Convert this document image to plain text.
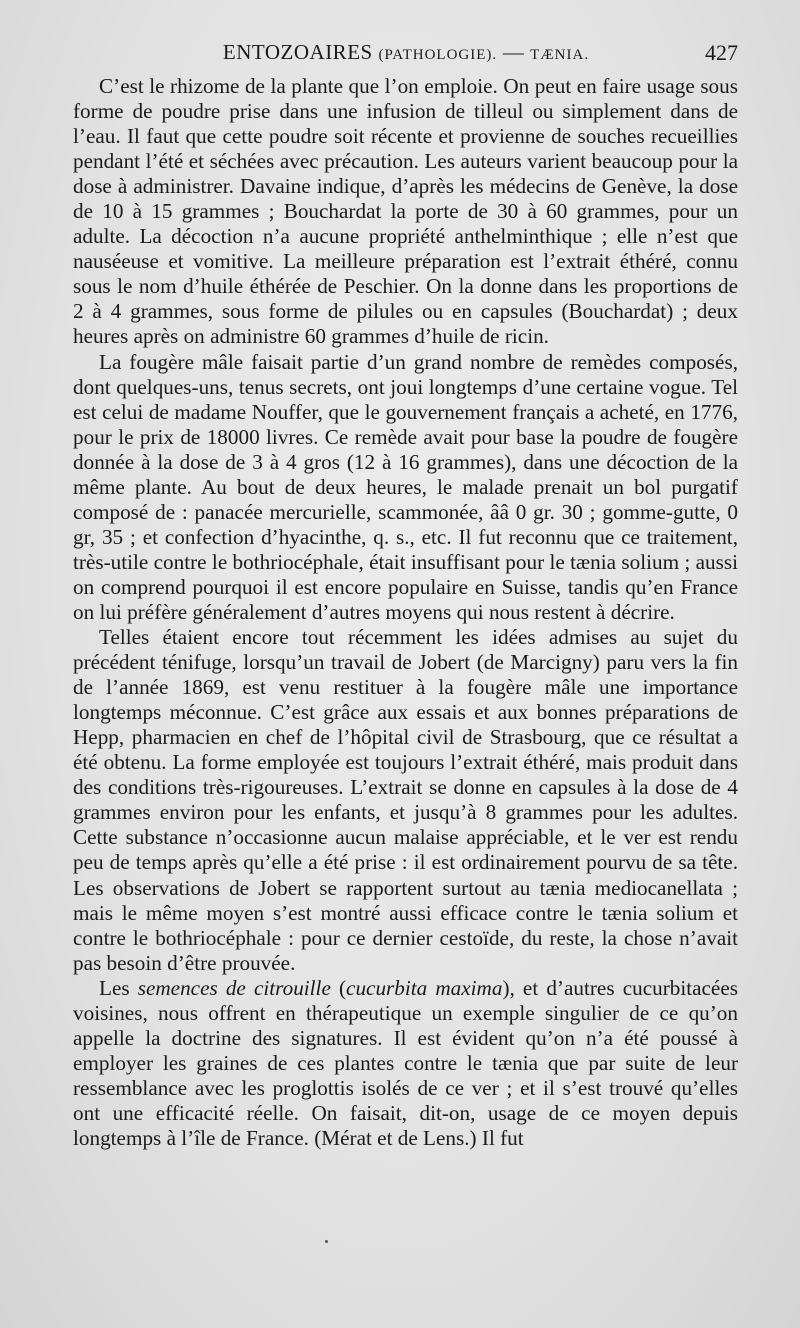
ENTOZOAIRES (PATHOLOGIE). — TÆNIA.	427

C’est le rhizome de la plante que l’on emploie. On peut en faire usage sous forme de poudre prise dans une infusion de tilleul ou simplement dans de l’eau. Il faut que cette poudre soit récente et provienne de souches recueillies pendant l’été et séchées avec précaution. Les auteurs varient beaucoup pour la dose à administrer. Davaine indique, d’après les médecins de Genève, la dose de 10 à 15 grammes ; Bouchardat la porte de 30 à 60 grammes, pour un adulte. La décoction n’a aucune propriété anthelminthique ; elle n’est que nauséeuse et vomitive. La meilleure préparation est l’extrait éthéré, connu sous le nom d’huile éthérée de Peschier. On la donne dans les proportions de 2 à 4 grammes, sous forme de pilules ou en capsules (Bouchardat) ; deux heures après on administre 60 grammes d’huile de ricin.

La fougère mâle faisait partie d’un grand nombre de remèdes composés, dont quelques-uns, tenus secrets, ont joui longtemps d’une certaine vogue. Tel est celui de madame Nouffer, que le gouvernement français a acheté, en 1776, pour le prix de 18000 livres. Ce remède avait pour base la poudre de fougère donnée à la dose de 3 à 4 gros (12 à 16 grammes), dans une décoction de la même plante. Au bout de deux heures, le malade prenait un bol purgatif composé de : panacée mercurielle, scammonée, ââ 0 gr. 30 ; gomme-gutte, 0 gr, 35 ; et confection d’hyacinthe, q. s., etc. Il fut reconnu que ce traitement, très-utile contre le bothriocéphale, était insuffisant pour le tænia solium ; aussi on comprend pourquoi il est encore populaire en Suisse, tandis qu’en France on lui préfère généralement d’autres moyens qui nous restent à décrire.

Telles étaient encore tout récemment les idées admises au sujet du précédent ténifuge, lorsqu’un travail de Jobert (de Marcigny) paru vers la fin de l’année 1869, est venu restituer à la fougère mâle une importance longtemps méconnue. C’est grâce aux essais et aux bonnes préparations de Hepp, pharmacien en chef de l’hôpital civil de Strasbourg, que ce résultat a été obtenu. La forme employée est toujours l’extrait éthéré, mais produit dans des conditions très-rigoureuses. L’extrait se donne en capsules à la dose de 4 grammes environ pour les enfants, et jusqu’à 8 grammes pour les adultes. Cette substance n’occasionne aucun malaise appréciable, et le ver est rendu peu de temps après qu’elle a été prise : il est ordinairement pourvu de sa tête. Les observations de Jobert se rapportent surtout au tænia mediocanellata ; mais le même moyen s’est montré aussi efficace contre le tænia solium et contre le bothriocéphale : pour ce dernier cestoïde, du reste, la chose n’avait pas besoin d’être prouvée.

Les semences de citrouille (cucurbita maxima), et d’autres cucurbitacées voisines, nous offrent en thérapeutique un exemple singulier de ce qu’on appelle la doctrine des signatures. Il est évident qu’on n’a été poussé à employer les graines de ces plantes contre le tænia que par suite de leur ressemblance avec les proglottis isolés de ce ver ; et il s’est trouvé qu’elles ont une efficacité réelle. On faisait, dit-on, usage de ce moyen depuis longtemps à l’île de France. (Mérat et de Lens.) Il fut
